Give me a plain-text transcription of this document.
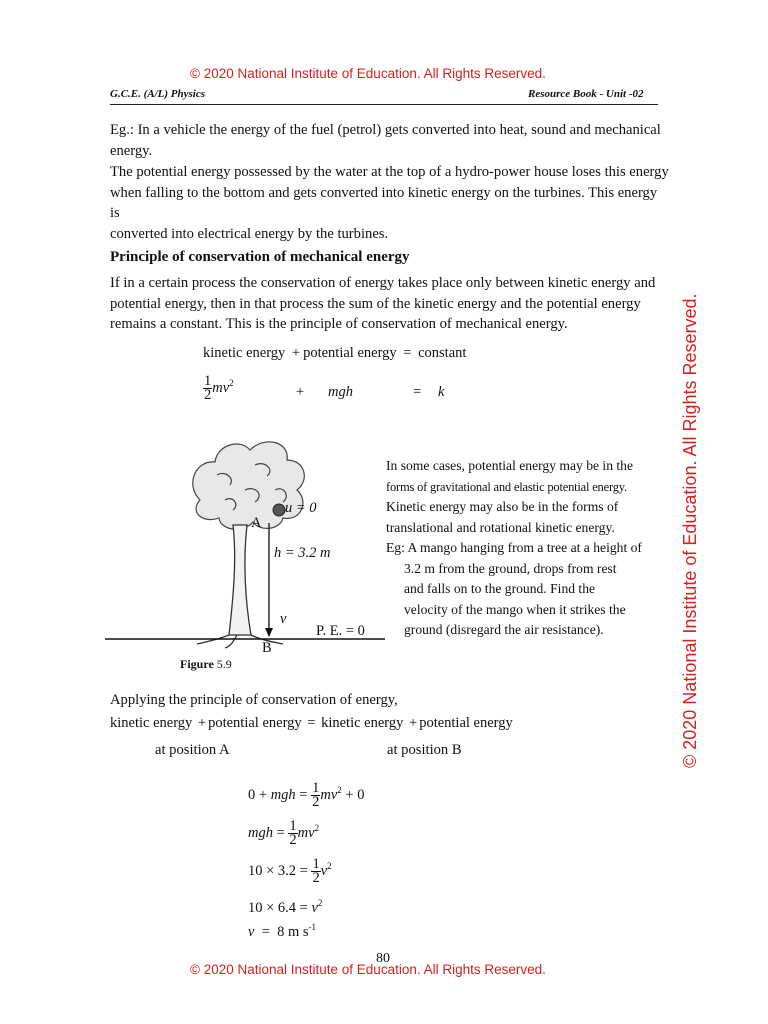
© 2020 National Institute of Education. All Rights Reserved.
G.C.E. (A/L) Physics	Resource Book - Unit -02
Eg.: In a vehicle the energy of the fuel (petrol) gets converted into heat, sound and mechanical
energy.
The potential energy possessed by the water at the top of a hydro-power house loses this energy
when falling to the bottom and gets converted into kinetic energy on the turbines. This energy is
converted into electrical energy by the turbines.
Principle of conservation of mechanical energy
If in a certain process the conservation of energy takes place only between kinetic energy and
potential energy, then in that process the sum of the kinetic energy and the potential energy
remains a constant. This is the principle of conservation of mechanical energy.
kinetic energy + potential energy = constant
$\frac{1}{2} mv^2$
+ mgh	= k
u = 0
A
h = 3.2 m
v
P. E. = 0
B
Figure 5.9
In some cases, potential energy may be in the
forms of gravitational and elastic potential energy.
Kinetic energy may also be in the forms of
translational and rotational kinetic energy.
Eg: A mango hanging from a tree at a height of
3.2 m from the ground, drops from rest
and falls on to the ground. Find the
velocity of the mango when it strikes the
ground (disregard the air resistance).
Applying the principle of conservation of energy,
kinetic energy + potential energy = kinetic energy + potential energy
at position A	at position B
0 + mgh = $\frac{1}{2} mv^2 + 0$
mgh = $\frac{1}{2} mv^2$
$10 \times 3.2 = \frac{1}{2} v^2$
$10 \times 6.4 = v^2$
v  =  8 m $s^{-1}$
80
© 2020 National Institute of Education. All Rights Reserved.
© 2020 National Institute of Education. All Rights Reserved.
